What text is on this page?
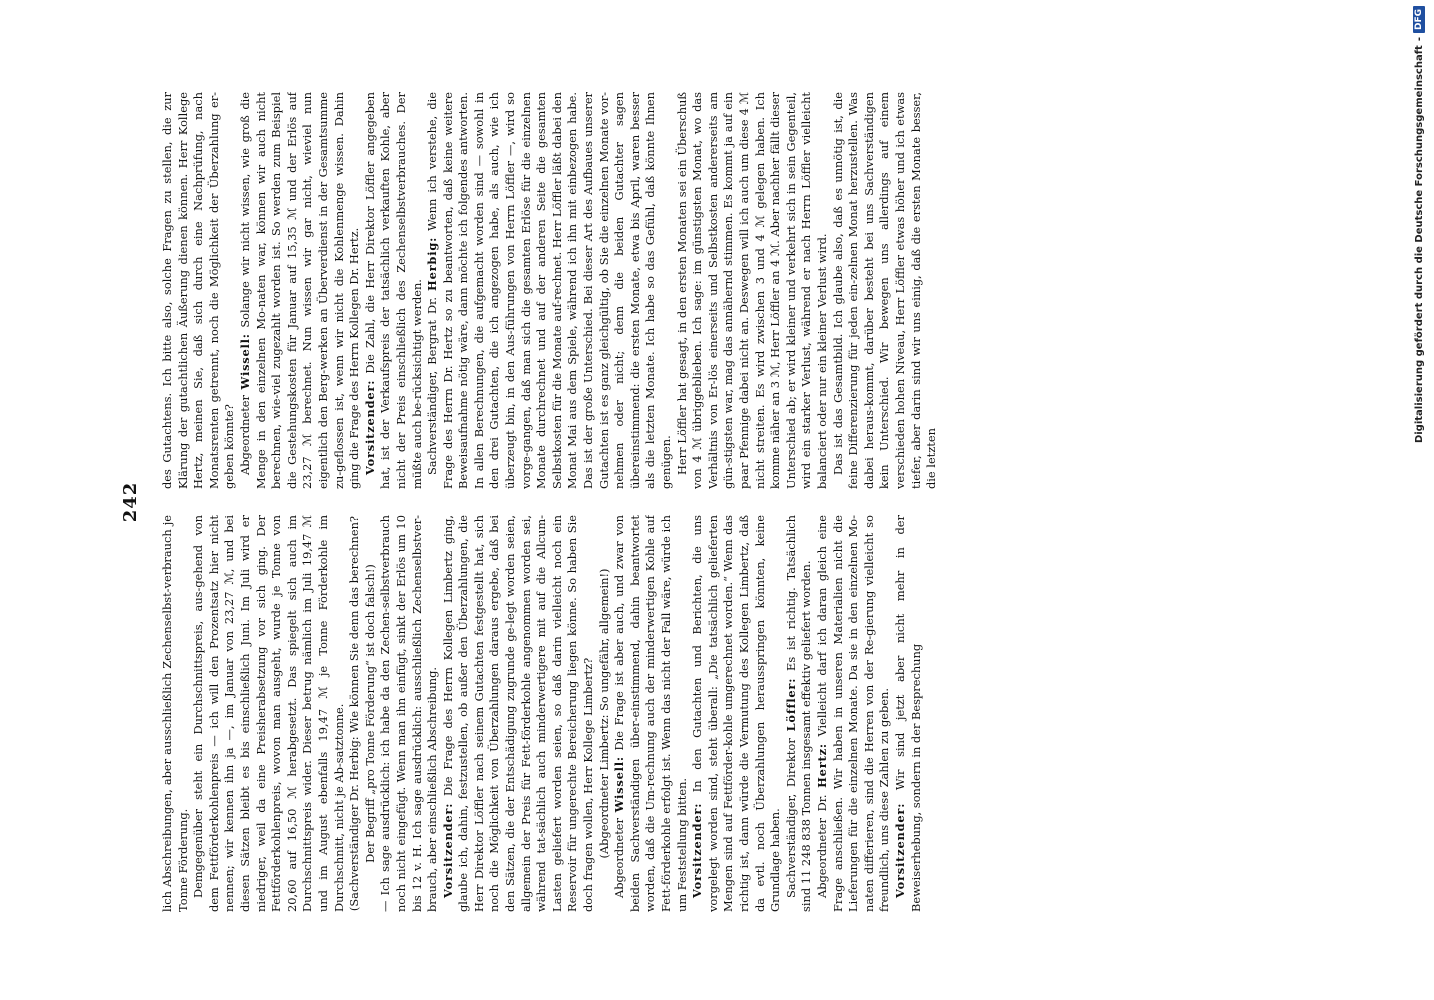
242

lich Abschreibungen, aber ausschließlich Zechenselbst-verbrauch je Tonne Förderung. Demgegenüber steht ein Durchschnittspreis, aus-gehend von dem Fettförderkohlenpreis — ich will den Prozentsatz hier nicht nennen; wir kennen ihn ja —, im Januar von 23,27 ℳ, und bei diesen Sätzen bleibt es bis einschließlich Juni. Im Juli wird er niedriger, weil da eine Preisherabsetzung vor sich ging. Der Fettförderkohlenpreis, wovon man ausgeht, wurde je Tonne von 20,60 auf 16,50 ℳ herabgesetzt. Das spiegelt sich auch im Durchschnittspreis wider. Dieser betrug nämlich im Juli 19,47 ℳ und im August ebenfalls 19,47 ℳ je Tonne Förderkohle im Durchschnitt, nicht je Ab-satztonne. (Sachverständiger Dr. Herbig: Wie können Sie denn das berechnen? Der Begriff „pro Tonne Förderung“ ist doch falsch!) — Ich sage ausdrücklich: ich habe da den Zechen-selbstverbrauch noch nicht eingefügt. Wenn man ihn einfügt, sinkt der Erlös um 10 bis 12 v. H. Ich sage ausdrücklich: ausschließlich Zechenselbstver-brauch, aber einschließlich Abschreibung. Vorsitzender: Die Frage des Herrn Kollegen Limbertz ging, glaube ich, dahin, festzustellen, ob außer den Überzahlungen, die Herr Direktor Löffler nach seinem Gutachten festgestellt hat, sich noch die Möglichkeit von Überzahlungen daraus ergebe, daß bei den Sätzen, die der Entschädigung zugrunde ge-legt worden seien, allgemein der Preis für Fett-förderkohle angenommen worden sei, während tat-sächlich auch minderwertigere mit auf die Allcum-Lasten geliefert worden seien, so daß darin vielleicht noch ein Reservoir für ungerechte Bereicherung liegen könne. So haben Sie doch fragen wollen, Herr Kollege Limbertz? (Abgeordneter Limbertz: So ungefähr, allgemein!) Abgeordneter Wissell: Die Frage ist aber auch, und zwar von beiden Sachverständigen über-einstimmend, dahin beantwortet worden, daß die Um-rechnung auch der minderwertigen Kohle auf Fett-förderkohle erfolgt ist. Wenn das nicht der Fall wäre, würde ich um Feststellung bitten. Vorsitzender: In den Gutachten und Berichten, die uns vorgelegt worden sind, steht überall: „Die tatsächlich gelieferten Mengen sind auf Fettförder-kohle umgerechnet worden.“ Wenn das richtig ist, dann würde die Vermutung des Kollegen Limbertz, daß da evtl. noch Überzahlungen herausspringen könnten, keine Grundlage haben. Sachverständiger, Direktor Löffler: Es ist richtig. Tatsächlich sind 11 248 838 Tonnen insgesamt effektiv geliefert worden. Abgeordneter Dr. Hertz: Vielleicht darf ich daran gleich eine Frage anschließen. Wir haben in unseren Materialien nicht die Lieferungen für die einzelnen Monate. Da sie in den einzelnen Mo-naten differieren, sind die Herren von der Re-gierung vielleicht so freundlich, uns diese Zahlen zu geben. Vorsitzender: Wir sind jetzt aber nicht mehr in der Beweiserhebung, sondern in der Besprechung

des Gutachtens. Ich bitte also, solche Fragen zu stellen, die zur Klärung der gutachtlichen Äußerung dienen können. Herr Kollege Hertz, meinen Sie, daß sich durch eine Nachprüfung, nach Monatsrenten getrennt, noch die Möglichkeit der Überzahlung er-geben könnte? Abgeordneter Wissell: Solange wir nicht wissen, wie groß die Menge in den einzelnen Mo-naten war, können wir auch nicht berechnen, wie-viel zugezahlt worden ist. So werden zum Beispiel die Gestehungskosten für Januar auf 15,35 ℳ und der Erlös auf 23,27 ℳ berechnet. Nun wissen wir gar nicht, wieviel nun eigentlich den Berg-werken an Überverdienst in der Gesamtsumme zu-geflossen ist, wenn wir nicht die Kohlenmenge wissen. Dahin ging die Frage des Herrn Kollegen Dr. Hertz. Vorsitzender: Die Zahl, die Herr Direktor Löffler angegeben hat, ist der Verkaufspreis der tatsächlich verkauften Kohle, aber nicht der Preis einschließlich des Zechenselbstverbrauches. Der müßte auch be-rücksichtigt werden. Sachverständiger, Bergrat Dr. Herbig: Wenn ich verstehe, die Frage des Herrn Dr. Hertz so zu beantworten, daß keine weitere Beweisaufnahme nötig wäre, dann möchte ich folgendes antworten. In allen Berechnungen, die aufgemacht worden sind — sowohl in den drei Gutachten, die ich angezogen habe, als auch, wie ich überzeugt bin, in den Aus-führungen von Herrn Löffler —, wird so vorge-gangen, daß man sich die gesamten Erlöse für die einzelnen Monate durchrechnet und auf der anderen Seite die gesamten Selbstkosten für die Monate auf-rechnet. Herr Löffler läßt dabei den Monat Mai aus dem Spiele, während ich ihn mit einbezogen habe. Das ist der große Unterschied. Bei dieser Art des Aufbaues unserer Gutachten ist es ganz gleichgültig, ob Sie die einzelnen Monate vor-nehmen oder nicht; denn die beiden Gutachter sagen übereinstimmend: die ersten Monate, etwa bis April, waren besser als die letzten Monate. Ich habe so das Gefühl, daß könnte Ihnen genügen. Herr Löffler hat gesagt, in den ersten Monaten sei ein Überschuß von 4 ℳ übriggeblieben. Ich sage: im günstigsten Monat, wo das Verhältnis von Er-lös einerseits und Selbstkosten andererseits am gün-stigsten war, mag das annähernd stimmen. Es kommt ja auf ein paar Pfennige dabei nicht an. Deswegen will ich auch um diese 4 ℳ nicht streiten. Es wird zwischen 3 und 4 ℳ gelegen haben. Ich komme näher an 3 ℳ, Herr Löffler an 4 ℳ. Aber nachher fällt dieser Unterschied ab; er wird kleiner und verkehrt sich in sein Gegenteil, wird ein starker Verlust, während er nach Herrn Löffler vielleicht balanciert oder nur ein kleiner Verlust wird. Das ist das Gesamtbild. Ich glaube also, daß es unnötig ist, die feine Differenzierung für jeden ein-zelnen Monat herzustellen. Was dabei heraus-kommt, darüber besteht bei uns Sachverständigen kein Unterschied. Wir bewegen uns allerdings auf einem verschieden hohen Niveau, Herr Löffler etwas höher und ich etwas tiefer, aber darin sind wir uns einig, daß die ersten Monate besser, die letzten

Digitalisierung gefördert durch die Deutsche Forschungsgemeinschaft
-
DFG
